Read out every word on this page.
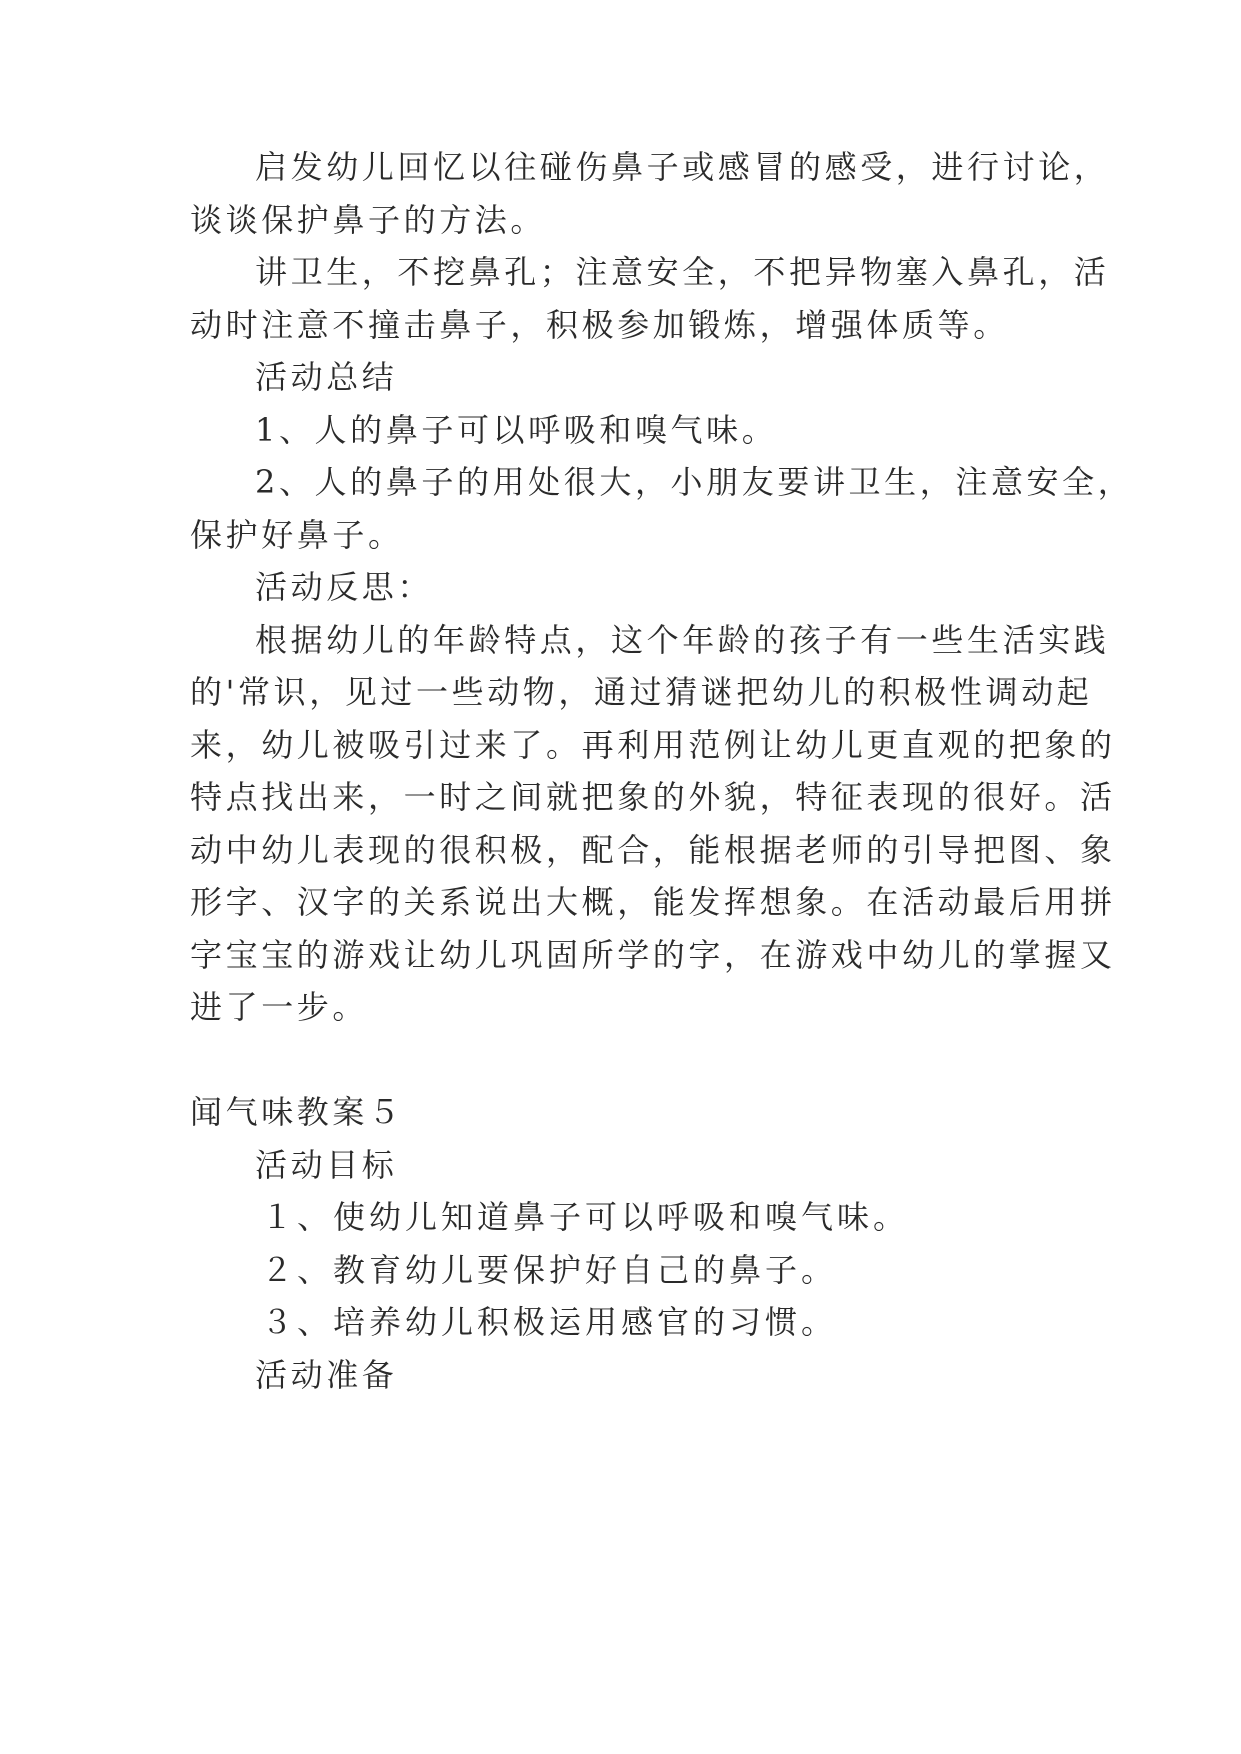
启发幼儿回忆以往碰伤鼻子或感冒的感受，进行讨论，

谈谈保护鼻子的方法。

讲卫生，不挖鼻孔；注意安全，不把异物塞入鼻孔，活

动时注意不撞击鼻子，积极参加锻炼，增强体质等。

活动总结

1、人的鼻子可以呼吸和嗅气味。

2、人的鼻子的用处很大，小朋友要讲卫生，注意安全，

保护好鼻子。

活动反思：

根据幼儿的年龄特点，这个年龄的孩子有一些生活实践

的'常识，见过一些动物，通过猜谜把幼儿的积极性调动起

来，幼儿被吸引过来了。再利用范例让幼儿更直观的把象的

特点找出来，一时之间就把象的外貌，特征表现的很好。活

动中幼儿表现的很积极，配合，能根据老师的引导把图、象

形字、汉字的关系说出大概，能发挥想象。在活动最后用拼

字宝宝的游戏让幼儿巩固所学的字，在游戏中幼儿的掌握又

进了一步。

闻气味教案５

活动目标

１、使幼儿知道鼻子可以呼吸和嗅气味。

２、教育幼儿要保护好自己的鼻子。

３、培养幼儿积极运用感官的习惯。

活动准备
